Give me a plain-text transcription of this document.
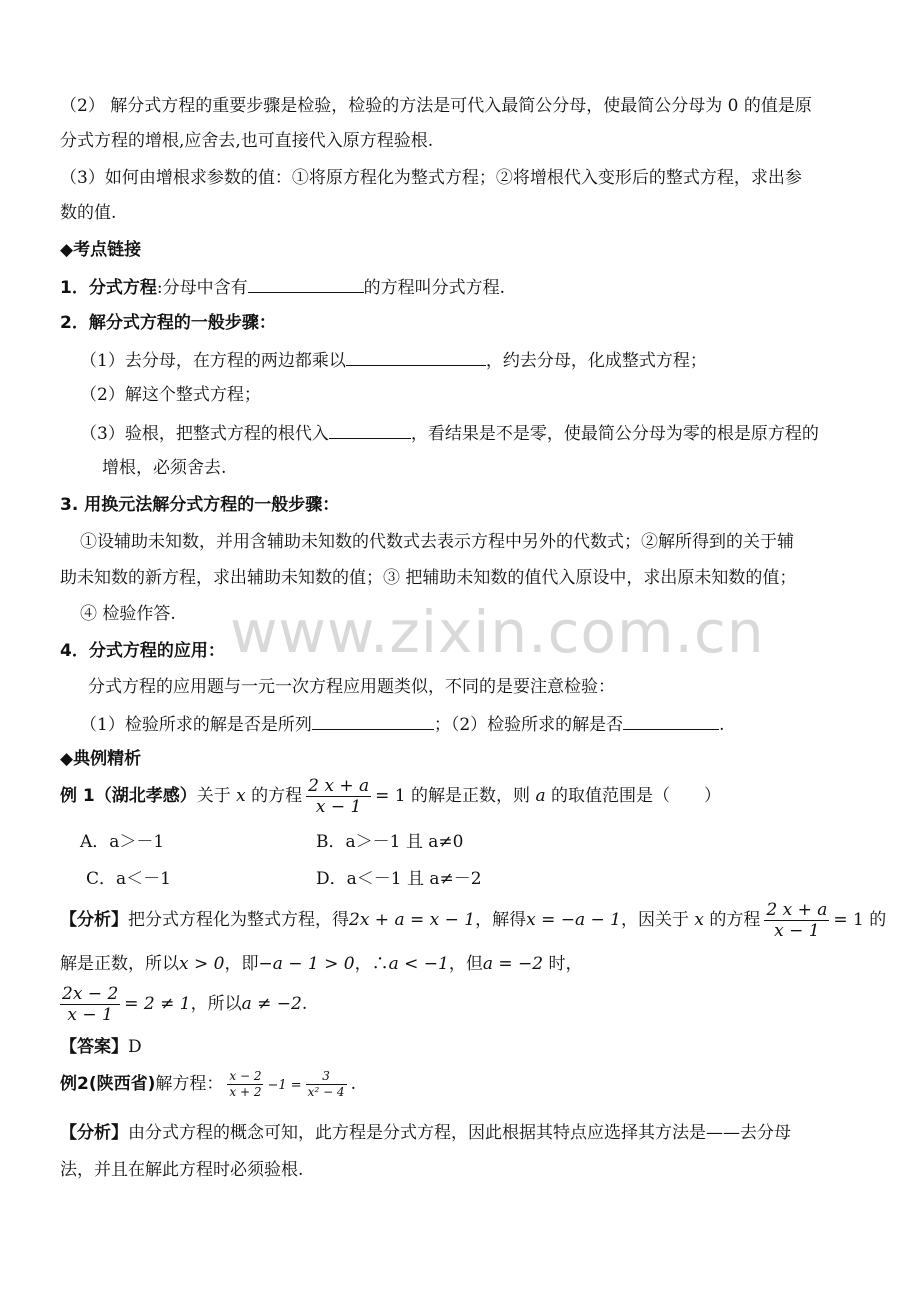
www.zixin.com.cn
（2） 解分式方程的重要步骤是检验，检验的方法是可代入最简公分母，使最简公分母为 0 的值是原
分式方程的增根,应舍去,也可直接代入原方程验根.
（3）如何由增根求参数的值：①将原方程化为整式方程；②将增根代入变形后的整式方程，求出参
数的值.
◆考点链接
1．分式方程:分母中含有	的方程叫分式方程.
2．解分式方程的一般步骤：
（1）去分母，在方程的两边都乘以	，约去分母，化成整式方程；
（2）解这个整式方程；
（3）验根，把整式方程的根代入	，看结果是不是零，使最简公分母为零的根是原方程的
增根，必须舍去.
3. 用换元法解分式方程的一般步骤：
①设辅助未知数，并用含辅助未知数的代数式去表示方程中另外的代数式；②解所得到的关于辅
助未知数的新方程，求出辅助未知数的值；③ 把辅助未知数的值代入原设中，求出原未知数的值；
④ 检验作答.
4．分式方程的应用：
分式方程的应用题与一元一次方程应用题类似，不同的是要注意检验：
（1）检验所求的解是否是所列	；（2）检验所求的解是否	.
◆典例精析
例 1（湖北孝感）关于 x 的方程 $\frac{2 x + a}{x - 1} = 1$ 的解是正数，则 a 的取值范围是（　　）
A．a＞－1	B．a＞－1 且 a≠0
C．a＜－1	D．a＜－1 且 a≠－2
【分析】把分式方程化为整式方程，得2x + a = x − 1，解得x = −a − 1，因关于 x 的方程 $\frac{2 x + a}{x - 1} = 1$ 的
解是正数，所以x > 0，即−a − 1 > 0，∴a < −1，但a = −2 时，
$\frac{2x - 2}{x - 1} = 2 \ne 1$，所以a ≠ −2.
【答案】D
例2(陕西省)解方程： $\frac{x - 2}{x + 2} -1 = \frac{3}{\text{x² − 4}}$ .
【分析】由分式方程的概念可知，此方程是分式方程，因此根据其特点应选择其方法是——去分母
法，并且在解此方程时必须验根.
